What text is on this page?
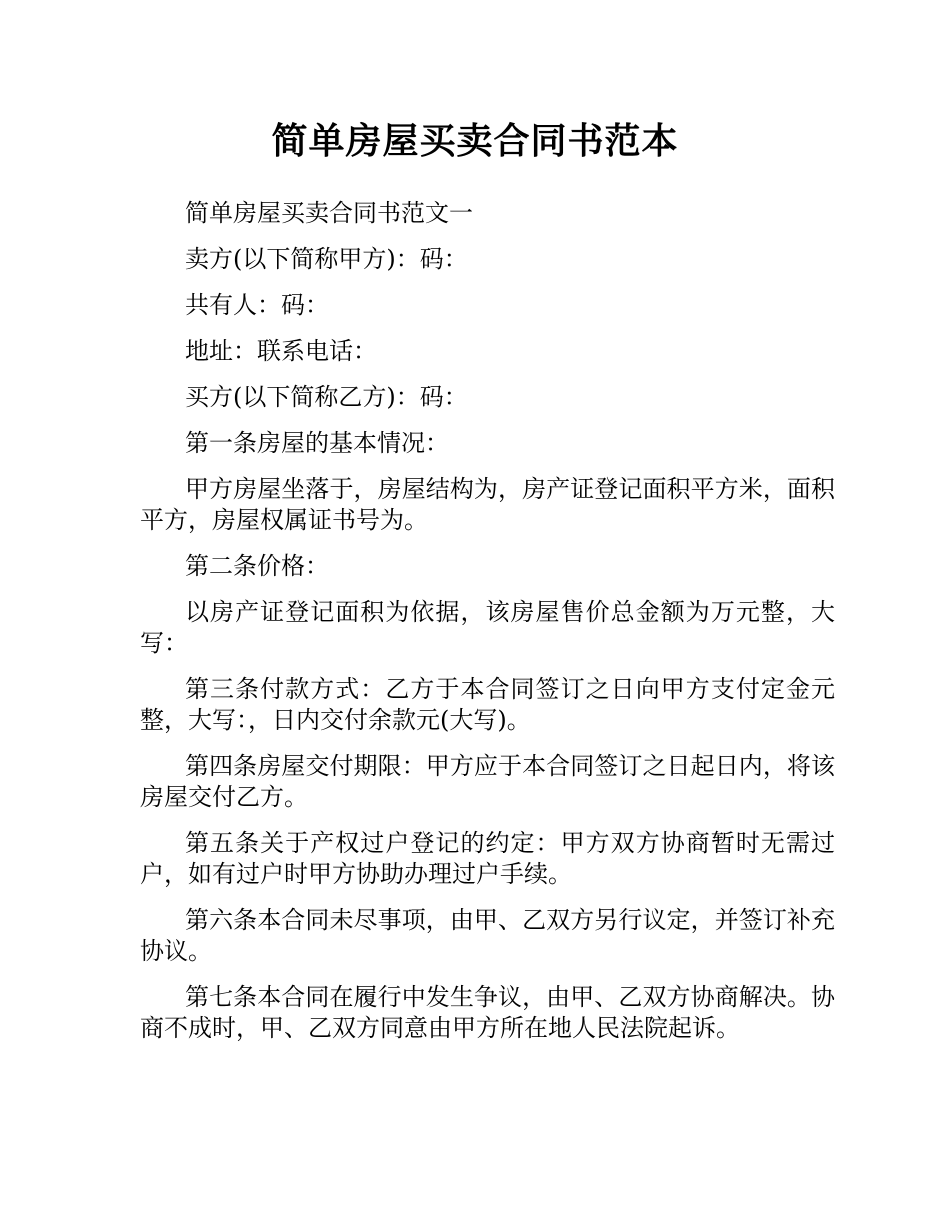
简单房屋买卖合同书范本

简单房屋买卖合同书范文一

卖方(以下简称甲方)：码：

共有人：码：

地址：联系电话：

买方(以下简称乙方)：码：

第一条房屋的基本情况：

甲方房屋坐落于，房屋结构为，房产证登记面积平方米，面积平方，房屋权属证书号为。

第二条价格：

以房产证登记面积为依据，该房屋售价总金额为万元整，大写：

第三条付款方式：乙方于本合同签订之日向甲方支付定金元整，大写：，日内交付余款元(大写)。

第四条房屋交付期限：甲方应于本合同签订之日起日内，将该房屋交付乙方。

第五条关于产权过户登记的约定：甲方双方协商暂时无需过户，如有过户时甲方协助办理过户手续。

第六条本合同未尽事项，由甲、乙双方另行议定，并签订补充协议。

第七条本合同在履行中发生争议，由甲、乙双方协商解决。协商不成时，甲、乙双方同意由甲方所在地人民法院起诉。
